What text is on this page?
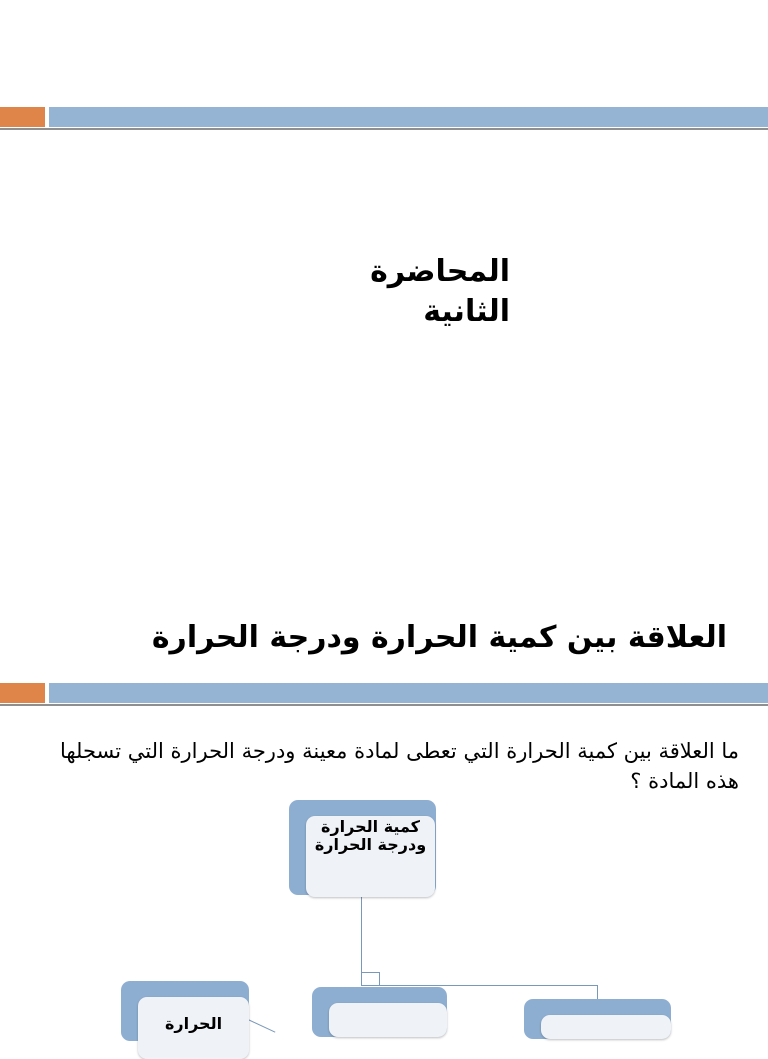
المحاضرة الثانية
العلاقة بين كمية الحرارة ودرجة الحرارة
ما العلاقة بين كمية الحرارة التي تعطى لمادة معينة ودرجة الحرارة التي تسجلها هذه المادة ؟
كمية الحرارة ودرجة الحرارة
الحرارة
